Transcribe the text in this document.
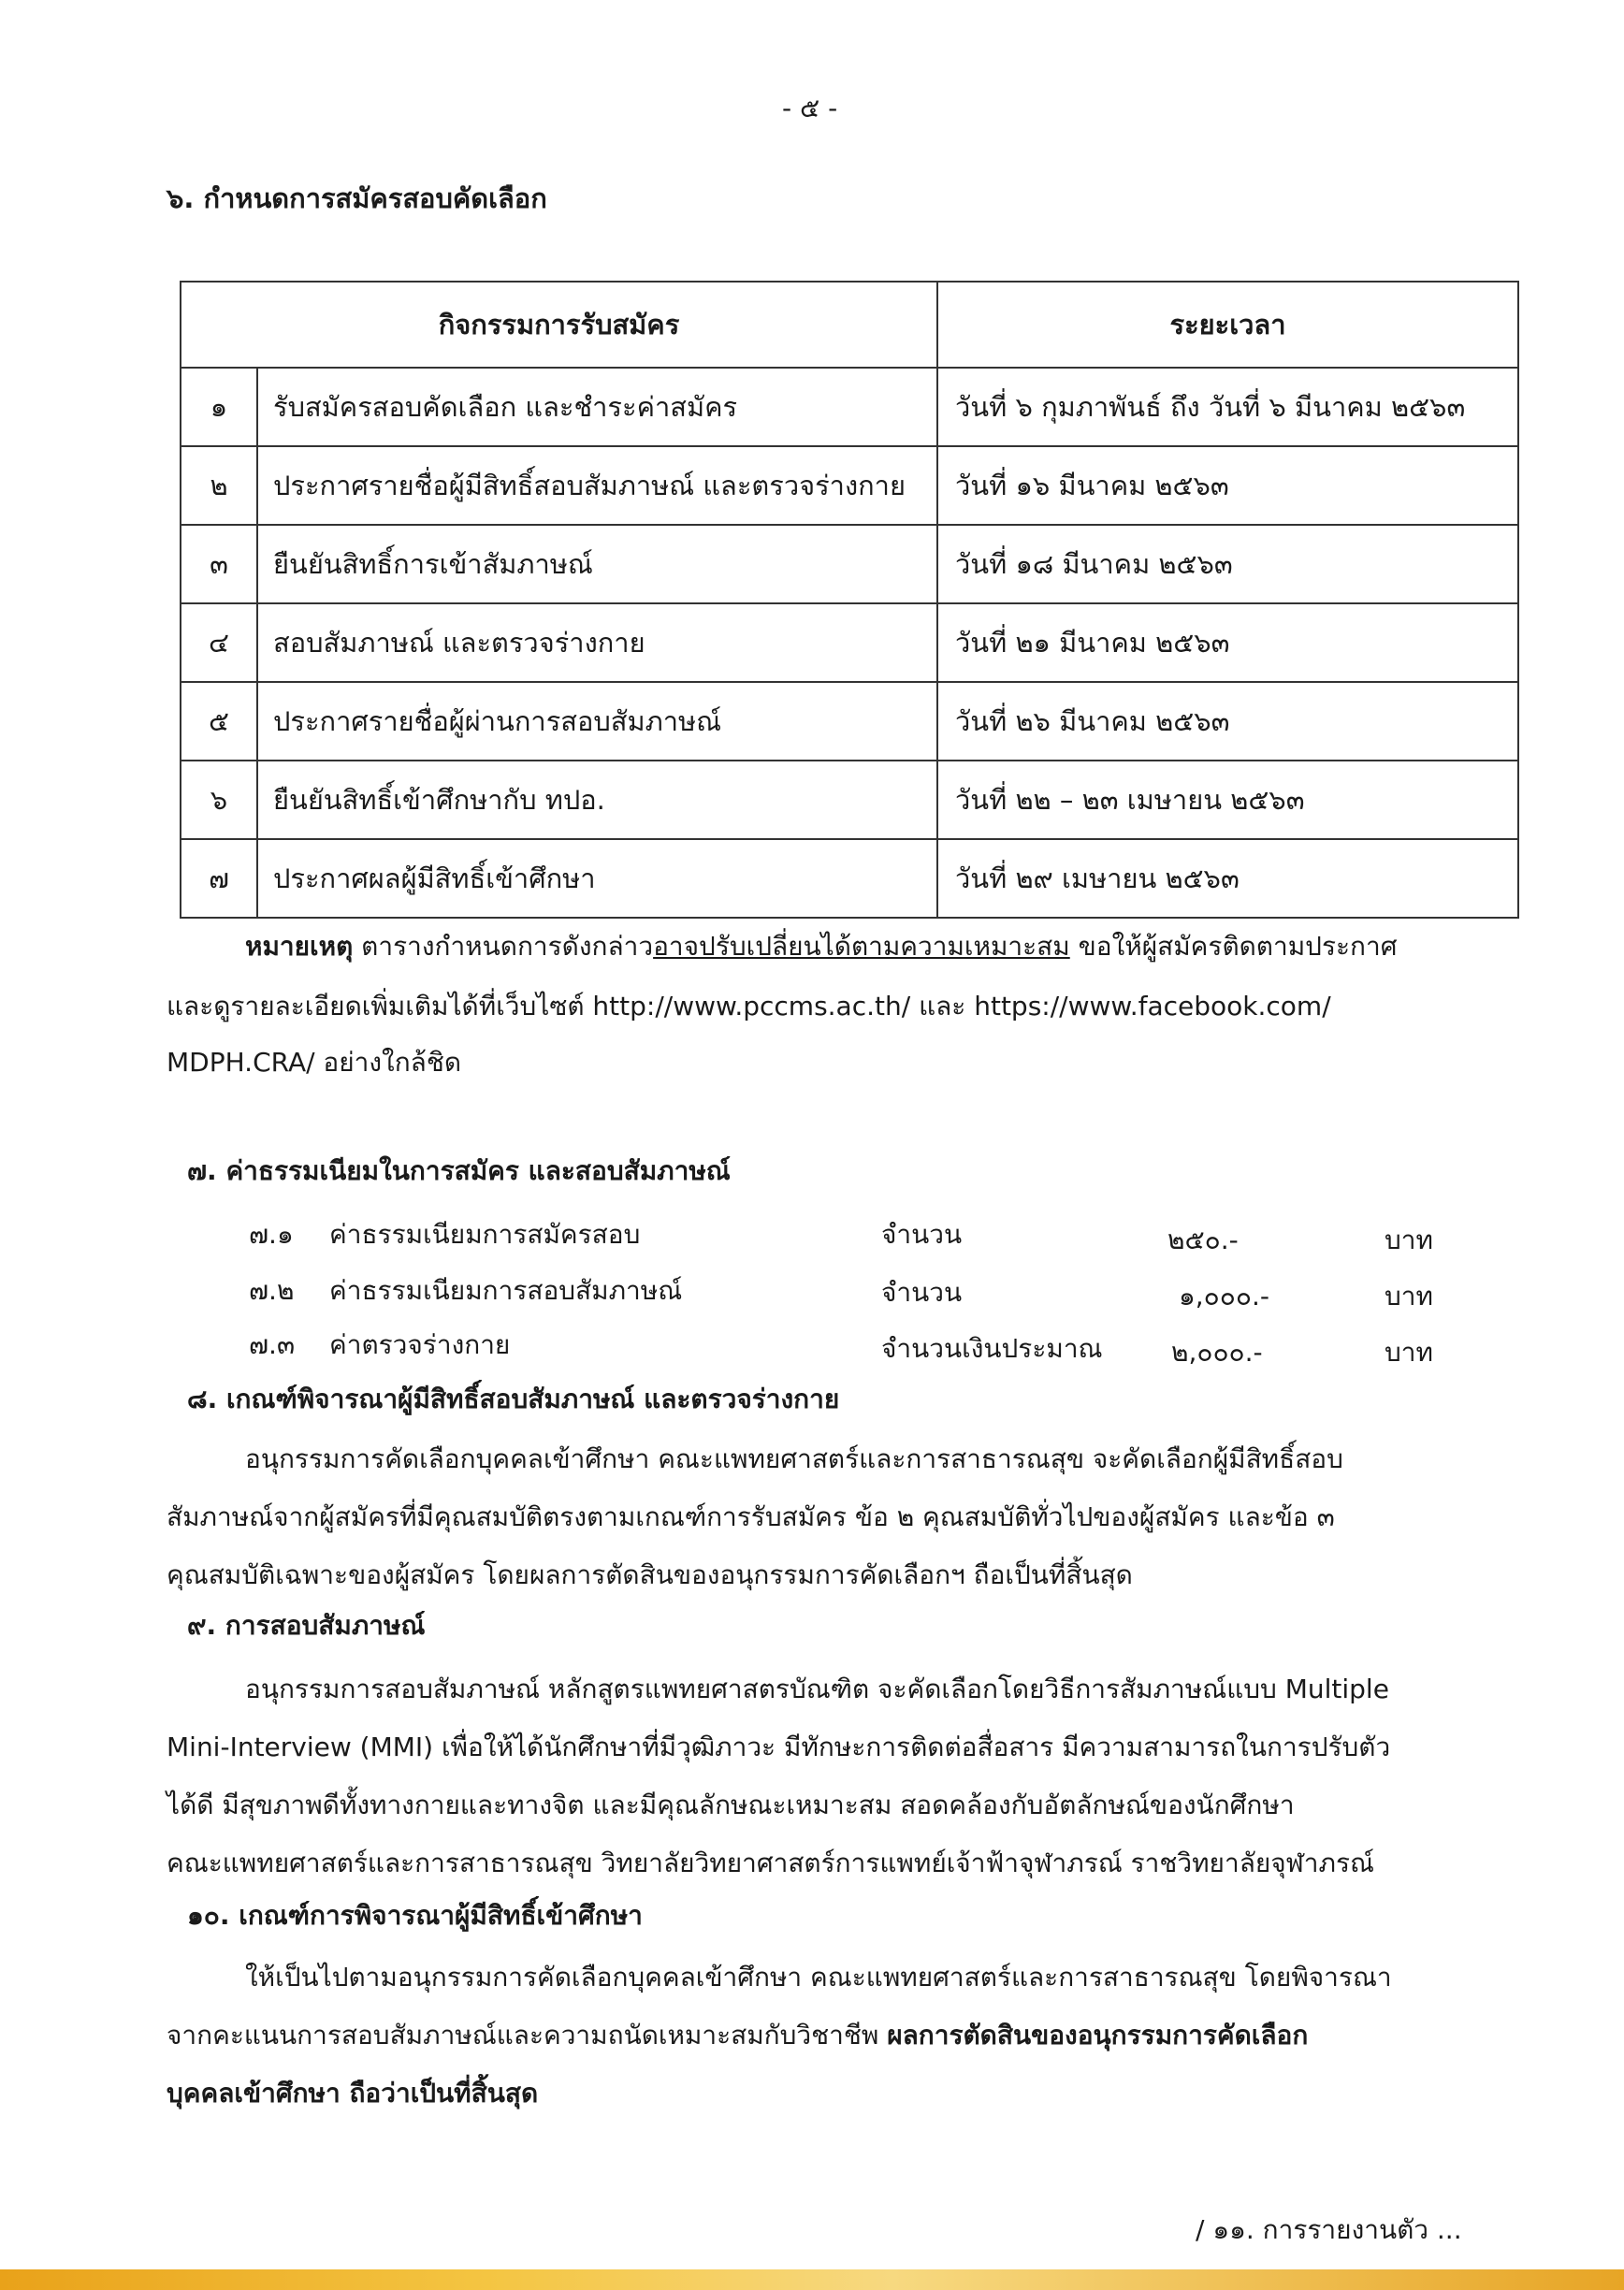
- ๕ -
๖. กำหนดการสมัครสอบคัดเลือก
กิจกรรมการรับสมัคร		ระยะเวลา
๑	รับสมัครสอบคัดเลือก และชำระค่าสมัคร	วันที่ ๖ กุมภาพันธ์ ถึง วันที่ ๖ มีนาคม ๒๕๖๓
๒	ประกาศรายชื่อผู้มีสิทธิ์สอบสัมภาษณ์ และตรวจร่างกาย	วันที่ ๑๖ มีนาคม ๒๕๖๓
๓	ยืนยันสิทธิ์การเข้าสัมภาษณ์	วันที่ ๑๘ มีนาคม ๒๕๖๓
๔	สอบสัมภาษณ์ และตรวจร่างกาย	วันที่ ๒๑ มีนาคม ๒๕๖๓
๕	ประกาศรายชื่อผู้ผ่านการสอบสัมภาษณ์	วันที่ ๒๖ มีนาคม ๒๕๖๓
๖	ยืนยันสิทธิ์เข้าศึกษากับ ทปอ.	วันที่ ๒๒ – ๒๓ เมษายน ๒๕๖๓
๗	ประกาศผลผู้มีสิทธิ์เข้าศึกษา	วันที่ ๒๙ เมษายน ๒๕๖๓
หมายเหตุ ตารางกำหนดการดังกล่าวอาจปรับเปลี่ยนได้ตามความเหมาะสม ขอให้ผู้สมัครติดตามประกาศ
และดูรายละเอียดเพิ่มเติมได้ที่เว็บไซต์ http://www.pccms.ac.th/ และ https://www.facebook.com/
MDPH.CRA/ อย่างใกล้ชิด
๗. ค่าธรรมเนียมในการสมัคร และสอบสัมภาษณ์
๗.๑ ค่าธรรมเนียมการสมัครสอบ	จำนวน	๒๕๐.-	บาท
๗.๒ ค่าธรรมเนียมการสอบสัมภาษณ์	จำนวน	๑,๐๐๐.-	บาท
๗.๓ ค่าตรวจร่างกาย	จำนวนเงินประมาณ	๒,๐๐๐.-	บาท
๘. เกณฑ์พิจารณาผู้มีสิทธิ์สอบสัมภาษณ์ และตรวจร่างกาย
อนุกรรมการคัดเลือกบุคคลเข้าศึกษา คณะแพทยศาสตร์และการสาธารณสุข จะคัดเลือกผู้มีสิทธิ์สอบ
สัมภาษณ์จากผู้สมัครที่มีคุณสมบัติตรงตามเกณฑ์การรับสมัคร ข้อ ๒ คุณสมบัติทั่วไปของผู้สมัคร และข้อ ๓
คุณสมบัติเฉพาะของผู้สมัคร โดยผลการตัดสินของอนุกรรมการคัดเลือกฯ ถือเป็นที่สิ้นสุด
๙. การสอบสัมภาษณ์
อนุกรรมการสอบสัมภาษณ์ หลักสูตรแพทยศาสตรบัณฑิต จะคัดเลือกโดยวิธีการสัมภาษณ์แบบ Multiple
Mini-Interview (MMI) เพื่อให้ได้นักศึกษาที่มีวุฒิภาวะ มีทักษะการติดต่อสื่อสาร มีความสามารถในการปรับตัว
ได้ดี มีสุขภาพดีทั้งทางกายและทางจิต และมีคุณลักษณะเหมาะสม สอดคล้องกับอัตลักษณ์ของนักศึกษา
คณะแพทยศาสตร์และการสาธารณสุข วิทยาลัยวิทยาศาสตร์การแพทย์เจ้าฟ้าจุฬาภรณ์ ราชวิทยาลัยจุฬาภรณ์
๑๐. เกณฑ์การพิจารณาผู้มีสิทธิ์เข้าศึกษา
ให้เป็นไปตามอนุกรรมการคัดเลือกบุคคลเข้าศึกษา คณะแพทยศาสตร์และการสาธารณสุข โดยพิจารณา
จากคะแนนการสอบสัมภาษณ์และความถนัดเหมาะสมกับวิชาชีพ ผลการตัดสินของอนุกรรมการคัดเลือก
บุคคลเข้าศึกษา ถือว่าเป็นที่สิ้นสุด
/ ๑๑. การรายงานตัว ...
